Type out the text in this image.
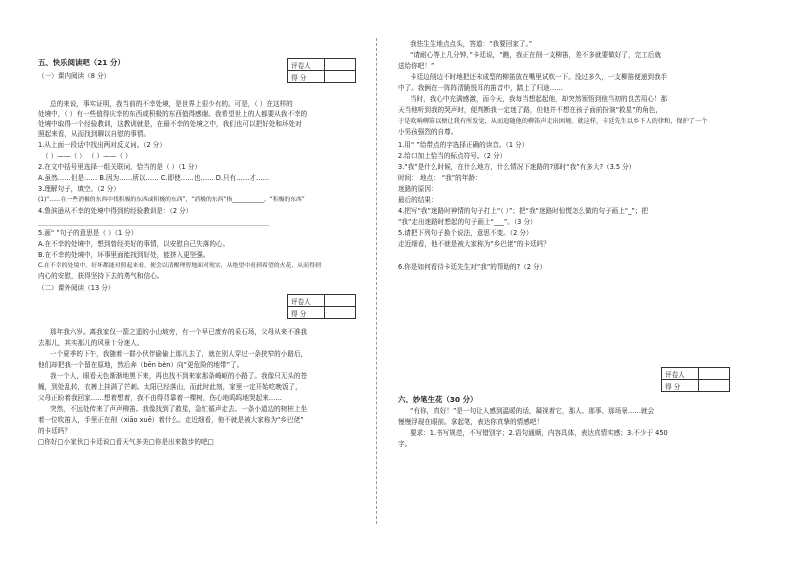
五、快乐阅读吧（21 分）	评卷人	
得 分	
（一）课内阅读（8 分）
总的来说，事实证明，我当前的不幸处境，是世界上很少有的。可是，（ ）在这样的
处境中，（ ）有一些值得庆幸的东西或积极的东西值得感谢。我希望世上的人都要从我不幸的
处境中取得一个经验教训，这教训就是，在最不幸的处境之中，我们也可以把好处和坏处对
照起来看，从而找到聊以自慰的事情。
1.从上面一段话中找出两对反义词。（2 分）
（ ）——（ ） （ ）——（ ）
2.在文中括号里选择一组关联词，恰当的是（ ）（1 分）
A.虽然……但是…… B.因为……所以…… C.即使……也…… D.只有……才……
3.理解句子，填空。（2 分）
(1)“……在一些消极的东西中找积极的东西或积极的东西”，“消极的东西”指___________，“积极的东西”
4.鲁滨逊从不幸的处境中得到的经验教训是：（2 分）
______________________________________________________________________
5.画“ ”句子的意思是（ ）（1 分）
A.在不幸的处境中，想到曾经美好的事情，以安慰自己失落的心。
B.在不幸的处境中，坏事里面能找到好处，能挤入更坚强。
C.在不幸的处境中，好坏都能对照起来看，便会以清醒理智地面对现实，从绝望中看到希望的火花，从而得到
内心的安慰，获得坚持下去的勇气和信心。
（二）课外阅读（13 分）
评卷人	
得 分	
那年我六岁。离我家仅一箭之遥的小山坡旁，有一个早已废弃的采石场，父母从来不准我
去那儿，其实那儿的风景十分迷人。
一个夏季的下午，我随着一群小伙伴偷偷上那儿去了，就在别人穿过一条狭窄的小路后，
他们却把我一个留在原地，然后奔（bēn bèn）向“更危险的地带”了。
我一个人，眼看天色渐渐地黑下来，再也找不到来家那条崎岖的小路了。我像只无头的苍
蝇，到处乱转，衣裤上挂满了芒刺。太阳已经落山，而此时此刻，家里一定开始吃晚饭了，
父母正盼着我回家……想着想着，我不由得背靠着一棵树，伤心地呜呜地哭起来……
突然，不远处传来了声声柳笛。我像找到了救星，急忙循声走去。一条小道边的树桩上坐
着一位吹笛人，手里正在削（xiāo xuē）着什么。走近细看，他不就是被大家称为“乡巴佬”
的卡廷吗？
□你好□小家伙□卡廷说□看天气多美□你是出来散步的吧□
我怯生生地点点头，答道：“我要回家了。”
“请耐心等上几分钟，”卡廷说，“瞧，我正在削一支柳笛，差不多就要做好了，完工后就
送给你吧！”
卡廷边削边不时地把还未成型的柳笛放在嘴里试吹一下。没过多久，一支柳笛便递到我手
中了。我俩在一阵阵清脆悦耳的笛音中，踏上了归途……
当时，我心中充满感激，而今天，我每当想起起他，却突然领悟到他当初的良苦用心！那
天当他听到我的哭声时，便判断我一定迷了路，但他并不想在孩子面前扮演“救星”的角色，
于是吹响柳笛以便让我有所发觉，从而追随他的柳笛声走出困境。就这样，卡廷先生以乡下人的律和，保护了一个
小男孩强烈的自尊。
1.用“ ”给带点的字选择正确的读音。（1 分）
2.给口加上恰当的标点符号。（2 分）
3.“我”是什么时候，在什么地方，什么情况下迷路的?那时“我”有多大?（3.5 分）
时间： 地点： “我”的年龄：
迷路的原因：
最后的结果：
4.把写“我”迷路时神情的句子打上“（ ）”；把“我”迷路时惊慌怎么做的句子画上“_”；把
“我”走出迷路时想起的句子画上“___”。（3 分）
5.请把下列句子换个说法，意思不变。（2 分）
走近细看，他不就是被大家称为“乡巴佬”的卡廷吗？
6.你是如何看待卡廷先生对“我”的帮助的?（2 分）
评卷人	
得 分	
六、妙笔生花（30 分）
“有你，真好！”是一句让人感到温暖的话，凝视着它，那人、那事、那场景……就会
慢慢浮现在眼前。拿起笔，表达你真挚的情感吧！
要求：1.书写规范，不写错别字；2.语句通顺，内容具体，表达真情实感；3.不少于 450
字。
